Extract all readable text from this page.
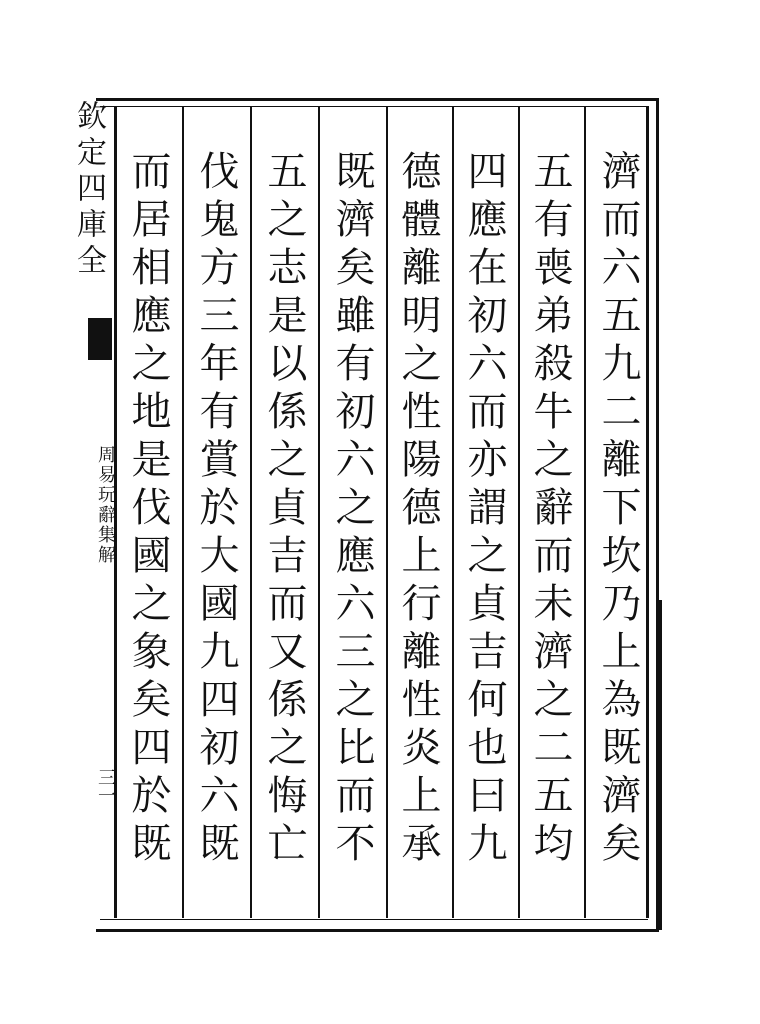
欽定四庫全
周易玩辭集解
三一
濟而六五九二離下坎乃上為既濟矣
五有喪弟殺牛之辭而未濟之二五均
四應在初六而亦謂之貞吉何也曰九
德體離明之性陽德上行離性炎上承
既濟矣雖有初六之應六三之比而不
五之志是以係之貞吉而又係之悔亡
伐鬼方三年有賞於大國九四初六既
而居相應之地是伐國之象矣四於既
